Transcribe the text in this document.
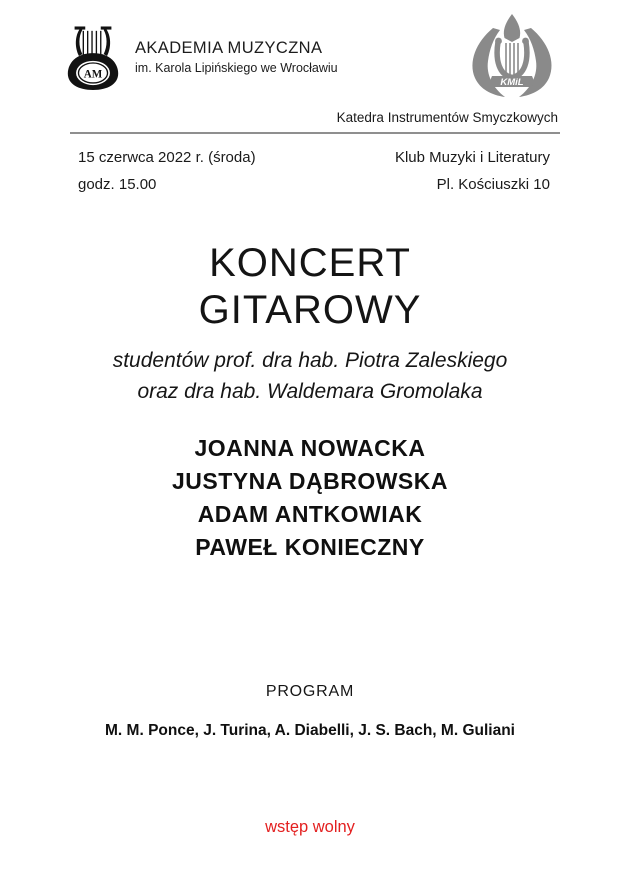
AM
AKADEMIA MUZYCZNA
im. Karola Lipińskiego we Wrocławiu
W
KMiL
Katedra Instrumentów Smyczkowych
15 czerwca 2022 r. (środa)
godz. 15.00
Klub Muzyki i Literatury
Pl. Kościuszki 10
KONCERT
GITAROWY
studentów prof. dra hab. Piotra Zaleskiego
oraz dra hab. Waldemara Gromolaka
JOANNA NOWACKA
JUSTYNA DĄBROWSKA
ADAM ANTKOWIAK
PAWEŁ KONIECZNY
PROGRAM
M. M. Ponce, J. Turina, A. Diabelli, J. S. Bach, M. Guliani
wstęp wolny
